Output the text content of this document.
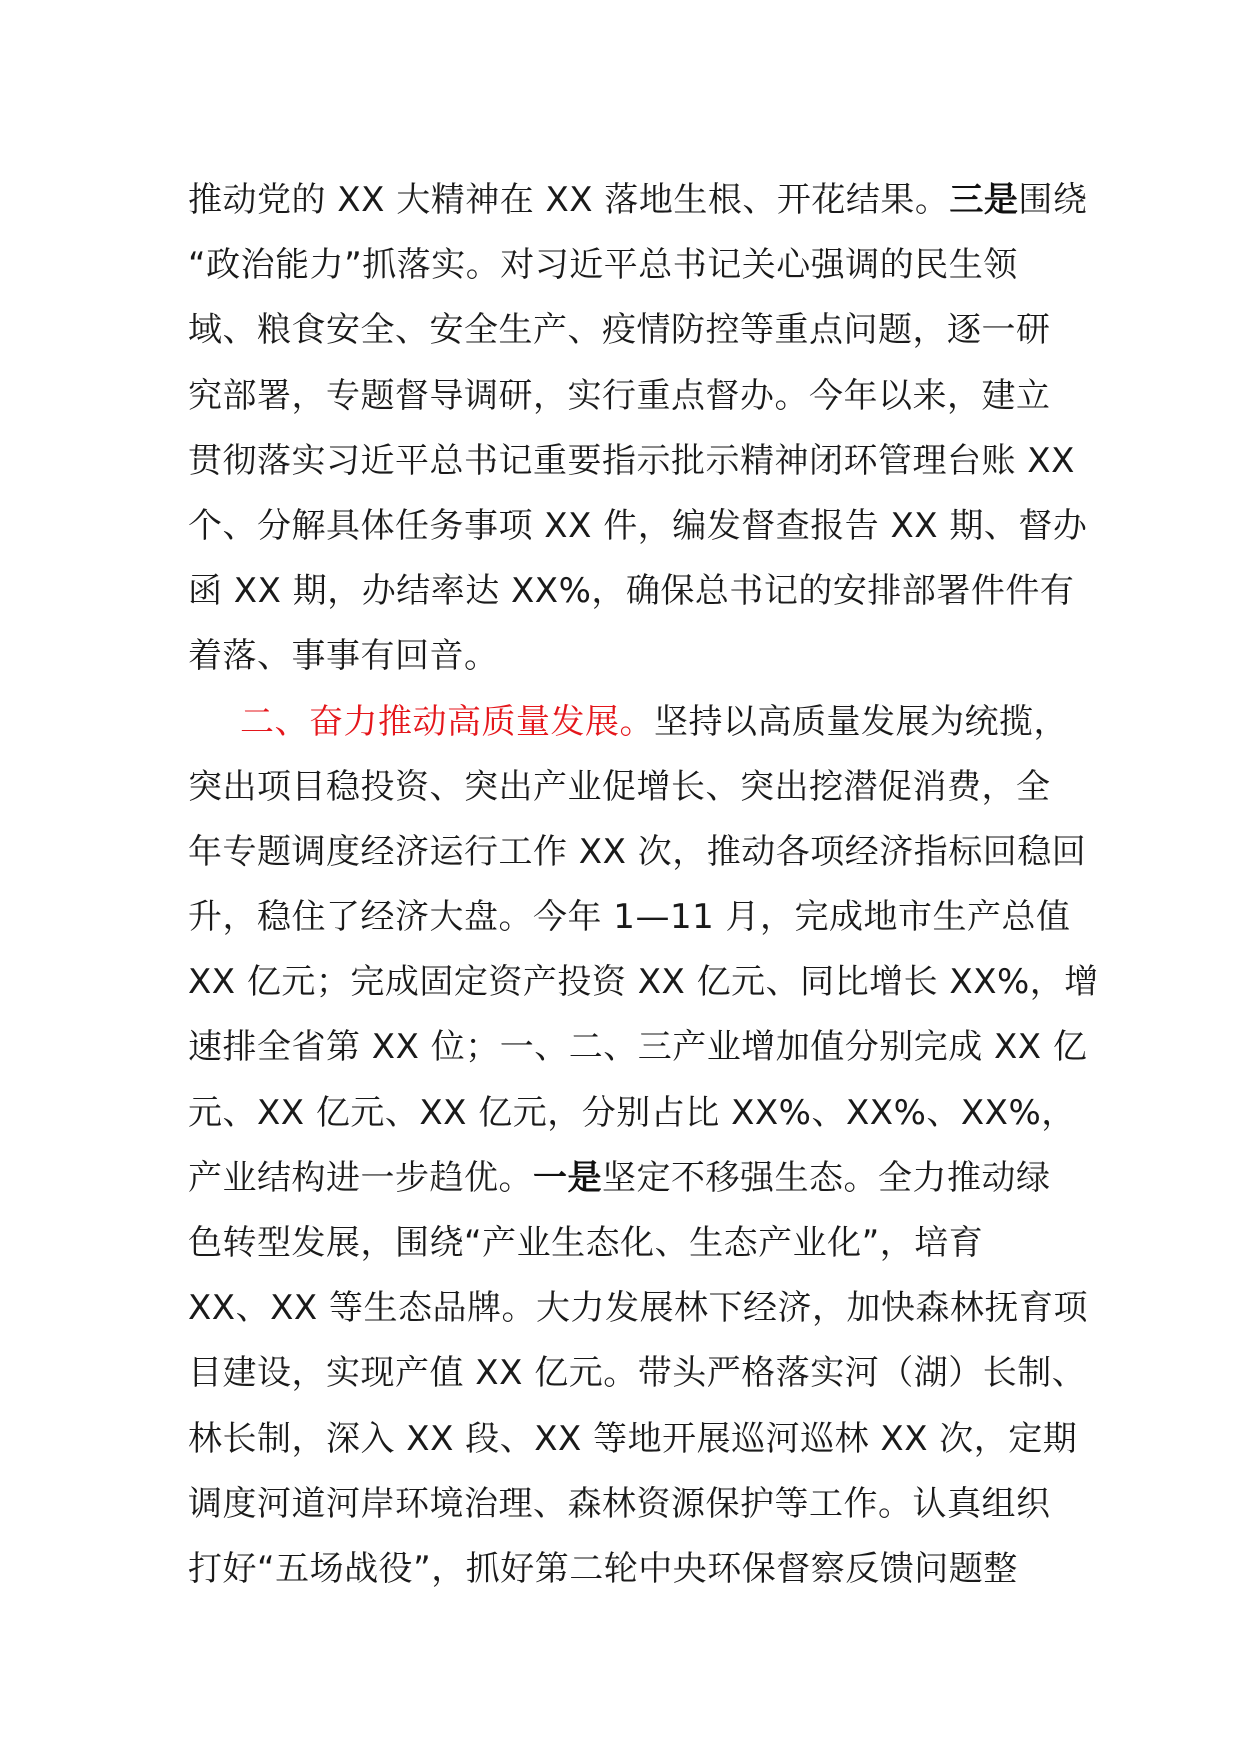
推动党的 XX 大精神在 XX 落地生根、开花结果。三是围绕
“政治能力”抓落实。对习近平总书记关心强调的民生领
域、粮食安全、安全生产、疫情防控等重点问题，逐一研
究部署，专题督导调研，实行重点督办。今年以来，建立
贯彻落实习近平总书记重要指示批示精神闭环管理台账 XX
个、分解具体任务事项 XX 件，编发督查报告 XX 期、督办
函 XX 期，办结率达 XX%，确保总书记的安排部署件件有
着落、事事有回音。
二、奋力推动高质量发展。坚持以高质量发展为统揽，
突出项目稳投资、突出产业促增长、突出挖潜促消费，全
年专题调度经济运行工作 XX 次，推动各项经济指标回稳回
升，稳住了经济大盘。今年 1—11 月，完成地市生产总值
XX 亿元；完成固定资产投资 XX 亿元、同比增长 XX%，增
速排全省第 XX 位；一、二、三产业增加值分别完成 XX 亿
元、XX 亿元、XX 亿元，分别占比 XX%、XX%、XX%，
产业结构进一步趋优。一是坚定不移强生态。全力推动绿
色转型发展，围绕“产业生态化、生态产业化”，培育
XX、XX 等生态品牌。大力发展林下经济，加快森林抚育项
目建设，实现产值 XX 亿元。带头严格落实河（湖）长制、
林长制，深入 XX 段、XX 等地开展巡河巡林 XX 次，定期
调度河道河岸环境治理、森林资源保护等工作。认真组织
打好“五场战役”，抓好第二轮中央环保督察反馈问题整
